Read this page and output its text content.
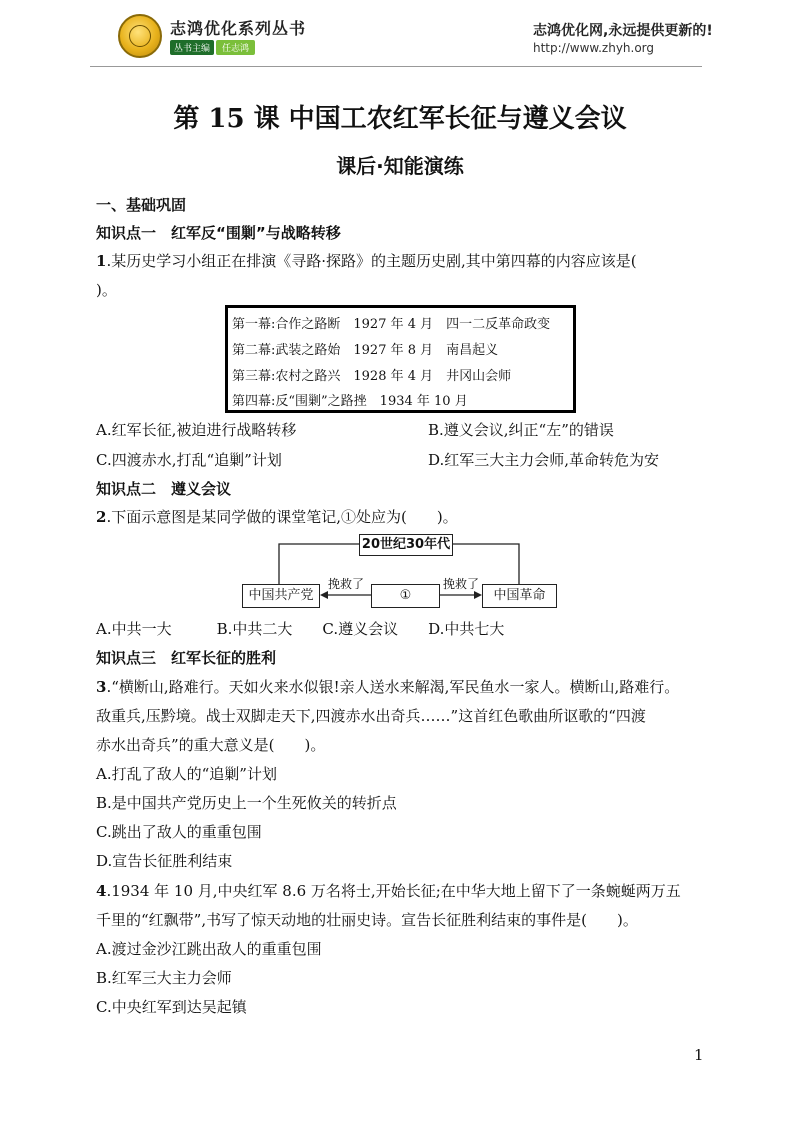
志鸿优化系列丛书
丛书主编 任志鸿
志鸿优化网,永远提供更新的!
http://www.zhyh.org
第 15 课 中国工农红军长征与遵义会议
课后·知能演练
一、基础巩固
知识点一　红军反“围剿”与战略转移
1.某历史学习小组正在排演《寻路·探路》的主题历史剧,其中第四幕的内容应该是(
)。
第一幕:合作之路断　1927 年 4 月　四一二反革命政变
第二幕:武装之路始　1927 年 8 月　南昌起义
第三幕:农村之路兴　1928 年 4 月　井冈山会师
第四幕:反“围剿”之路挫　1934 年 10 月
A.红军长征,被迫进行战略转移	B.遵义会议,纠正“左”的错误
C.四渡赤水,打乱“追剿”计划	D.红军三大主力会师,革命转危为安
知识点二　遵义会议
2.下面示意图是某同学做的课堂笔记,①处应为(　　)。
20世纪30年代
中国共产党	①	中国革命
挽救了	挽救了
A.中共一大　　　B.中共二大　　C.遵义会议　　D.中共七大
知识点三　红军长征的胜利
3.“横断山,路难行。天如火来水似银!亲人送水来解渴,军民鱼水一家人。横断山,路难行。
敌重兵,压黔境。战士双脚走天下,四渡赤水出奇兵……”这首红色歌曲所讴歌的“四渡
赤水出奇兵”的重大意义是(　　)。
A.打乱了敌人的“追剿”计划
B.是中国共产党历史上一个生死攸关的转折点
C.跳出了敌人的重重包围
D.宣告长征胜利结束
4.1934 年 10 月,中央红军 8.6 万名将士,开始长征;在中华大地上留下了一条蜿蜒两万五
千里的“红飘带”,书写了惊天动地的壮丽史诗。宣告长征胜利结束的事件是(　　)。
A.渡过金沙江跳出敌人的重重包围
B.红军三大主力会师
C.中央红军到达吴起镇
1
